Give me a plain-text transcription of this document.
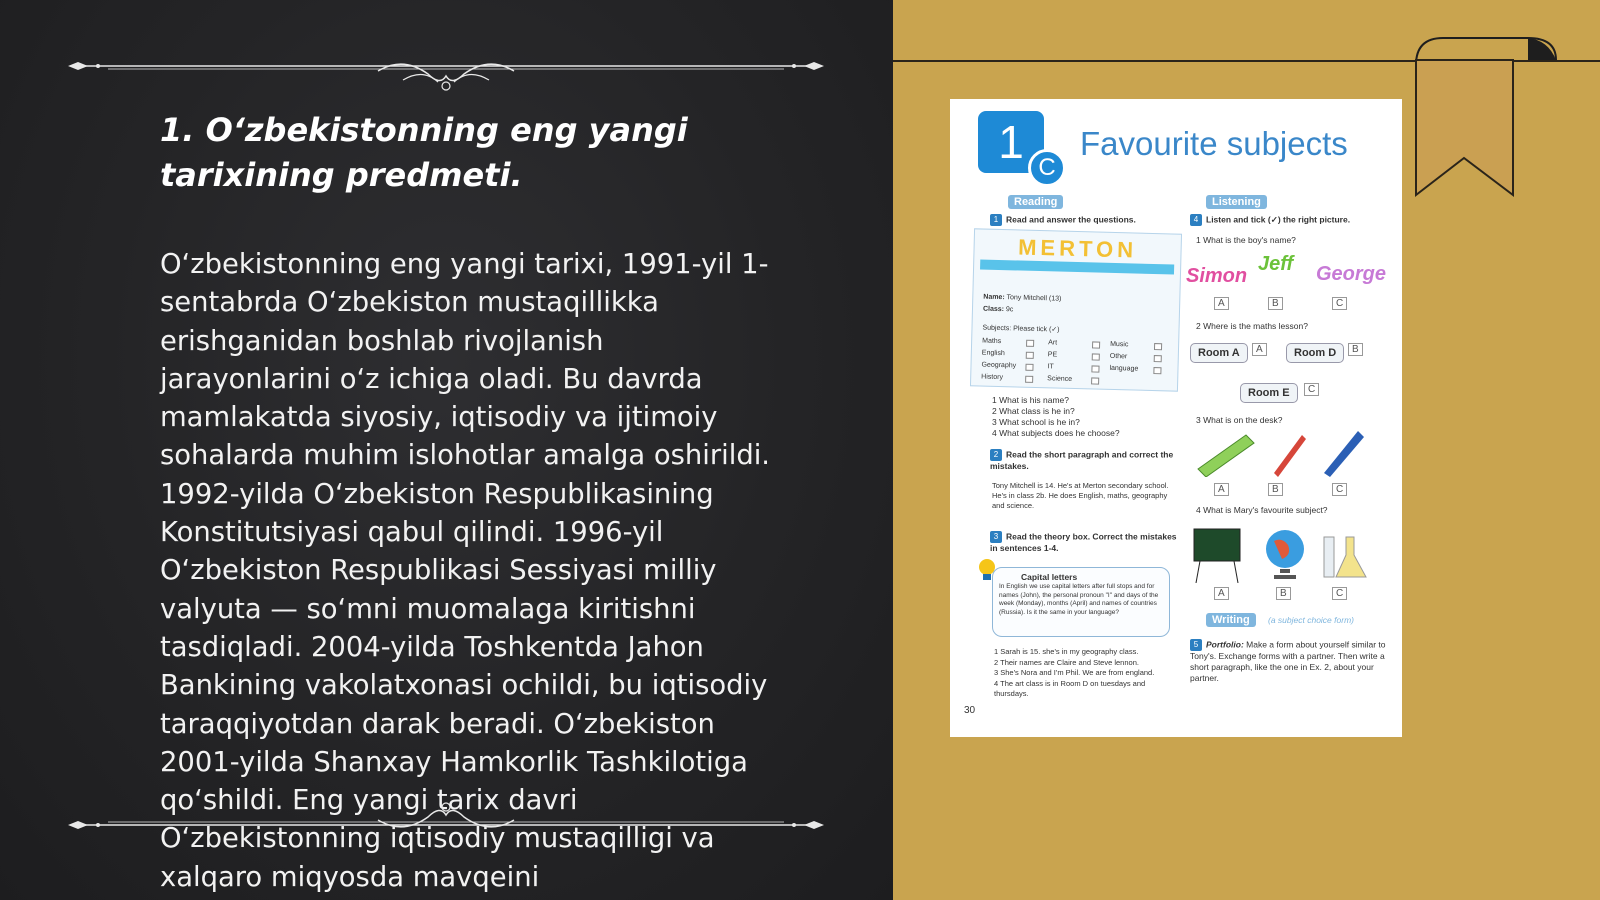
1. O‘zbekistonning eng yangi
tarixining predmeti.
O‘zbekistonning eng yangi tarixi, 1991-yil 1-
sentabrda O‘zbekiston mustaqillikka
erishganidan boshlab rivojlanish
jarayonlarini o‘z ichiga oladi. Bu davrda
mamlakatda siyosiy, iqtisodiy va ijtimoiy
sohalarda muhim islohotlar amalga oshirildi.
1992-yilda O‘zbekiston Respublikasining
Konstitutsiyasi qabul qilindi. 1996-yil
O‘zbekiston Respublikasi Sessiyasi milliy
valyuta — so‘mni muomalaga kiritishni
tasdiqladi. 2004-yilda Toshkentda Jahon
Bankining vakolatxonasi ochildi, bu iqtisodiy
taraqqiyotdan darak beradi. O‘zbekiston
2001-yilda Shanxay Hamkorlik Tashkilotiga
qo‘shildi. Eng yangi tarix davri
O‘zbekistonning iqtisodiy mustaqilligi va
xalqaro miqyosda mavqeini
1 C
Favourite subjects
Reading
1 Read and answer the questions.
MERTON
Name: Tony Mitchell (13)
Class: 9c
Subjects: Please tick (✓)
Maths	Art	Music
English	PE	Other
Geography	IT	language
History	Science
1 What is his name?
2 What class is he in?
3 What school is he in?
4 What subjects does he choose?
2 Read the short paragraph and correct the mistakes.
Tony Mitchell is 14. He's at Merton secondary school. He's in class 2b. He does English, maths, geography and science.
3 Read the theory box. Correct the mistakes in sentences 1-4.
Capital letters
In English we use capital letters after full stops and for names (John), the personal pronoun "I" and days of the week (Monday), months (April) and names of countries (Russia). Is it the same in your language?
1 Sarah is 15. she's in my geography class.
2 Their names are Claire and Steve lennon.
3 She's Nora and I'm Phil. We are from england.
4 The art class is in Room D on tuesdays and thursdays.
30
Listening
4 Listen and tick (✓) the right picture.
1 What is the boy's name?
Simon
Jeff George
A	B	C
2 Where is the maths lesson?
Room A	A	Room D	B
Room E	C
3 What is on the desk?
A	B	C
4 What is Mary's favourite subject?
A	B	C
Writing	(a subject choice form)
5 Portfolio: Make a form about yourself similar to Tony's. Exchange forms with a partner. Then write a short paragraph, like the one in Ex. 2, about your partner.
